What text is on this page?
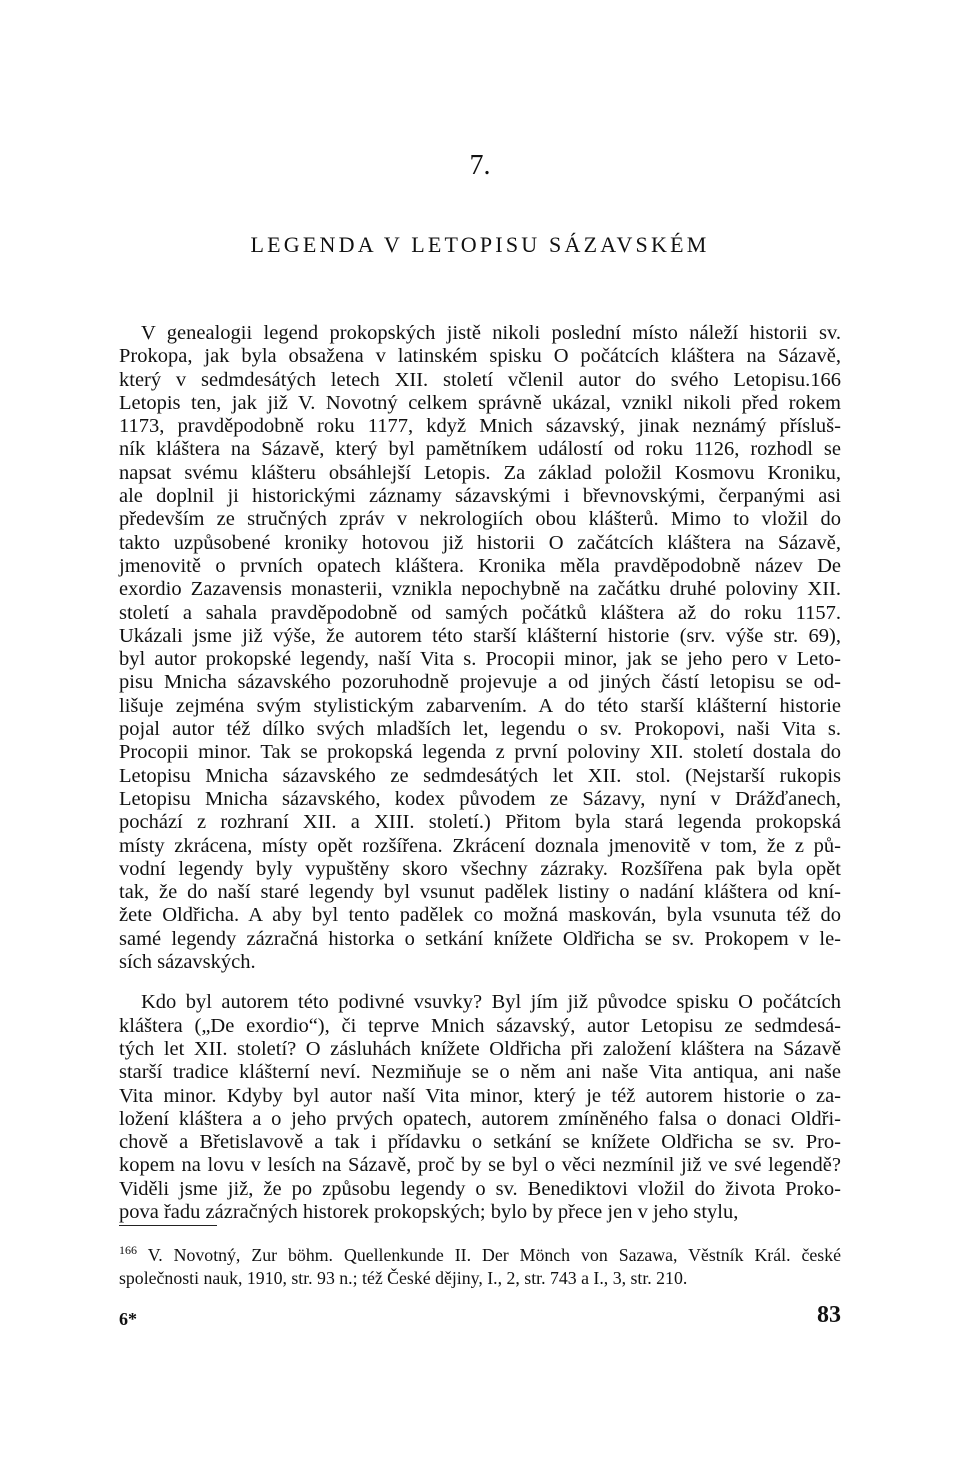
7.
LEGENDA V LETOPISU SÁZAVSKÉM
V genealogii legend prokopských jistě nikoli poslední místo náleží historii sv.
Prokopa, jak byla obsažena v latinském spisku O počátcích kláštera na Sázavě,
který v sedmdesátých letech XII. století včlenil autor do svého Letopisu.166
Letopis ten, jak již V. Novotný celkem správně ukázal, vznikl nikoli před rokem
1173, pravděpodobně roku 1177, když Mnich sázavský, jinak neznámý přísluš-
ník kláštera na Sázavě, který byl pamětníkem událostí od roku 1126, rozhodl se
napsat svému klášteru obsáhlejší Letopis. Za základ položil Kosmovu Kroniku,
ale doplnil ji historickými záznamy sázavskými i břevnovskými, čerpanými asi
především ze stručných zpráv v nekrologiích obou klášterů. Mimo to vložil do
takto uzpůsobené kroniky hotovou již historii O začátcích kláštera na Sázavě,
jmenovitě o prvních opatech kláštera. Kronika měla pravděpodobně název De
exordio Zazavensis monasterii, vznikla nepochybně na začátku druhé poloviny XII.
století a sahala pravděpodobně od samých počátků kláštera až do roku 1157.
Ukázali jsme již výše, že autorem této starší klášterní historie (srv. výše str. 69),
byl autor prokopské legendy, naší Vita s. Procopii minor, jak se jeho pero v Leto-
pisu Mnicha sázavského pozoruhodně projevuje a od jiných částí letopisu se od-
lišuje zejména svým stylistickým zabarvením. A do této starší klášterní historie
pojal autor též dílko svých mladších let, legendu o sv. Prokopovi, naši Vita s.
Procopii minor. Tak se prokopská legenda z první poloviny XII. století dostala do
Letopisu Mnicha sázavského ze sedmdesátých let XII. stol. (Nejstarší rukopis
Letopisu Mnicha sázavského, kodex původem ze Sázavy, nyní v Drážďanech,
pochází z rozhraní XII. a XIII. století.) Přitom byla stará legenda prokopská
místy zkrácena, místy opět rozšířena. Zkrácení doznala jmenovitě v tom, že z pů-
vodní legendy byly vypuštěny skoro všechny zázraky. Rozšířena pak byla opět
tak, že do naší staré legendy byl vsunut padělek listiny o nadání kláštera od kní-
žete Oldřicha. A aby byl tento padělek co možná maskován, byla vsunuta též do
samé legendy zázračná historka o setkání knížete Oldřicha se sv. Prokopem v le-
sích sázavských.
Kdo byl autorem této podivné vsuvky? Byl jím již původce spisku O počátcích
kláštera („De exordio“), či teprve Mnich sázavský, autor Letopisu ze sedmdesá-
tých let XII. století? O zásluhách knížete Oldřicha při založení kláštera na Sázavě
starší tradice klášterní neví. Nezmiňuje se o něm ani naše Vita antiqua, ani naše
Vita minor. Kdyby byl autor naší Vita minor, který je též autorem historie o za-
ložení kláštera a o jeho prvých opatech, autorem zmíněného falsa o donaci Oldři-
chově a Břetislavově a tak i přídavku o setkání se knížete Oldřicha se sv. Pro-
kopem na lovu v lesích na Sázavě, proč by se byl o věci nezmínil již ve své legendě?
Viděli jsme již, že po způsobu legendy o sv. Benediktovi vložil do života Proko-
pova řadu zázračných historek prokopských; bylo by přece jen v jeho stylu,
$^{166}$ V. Novotný, Zur böhm. Quellenkunde II. Der Mönch von Sazawa, Věstník Král. české
společnosti nauk, 1910, str. 93 n.; též České dějiny, I., 2, str. 743 a I., 3, str. 210.
6*	83
